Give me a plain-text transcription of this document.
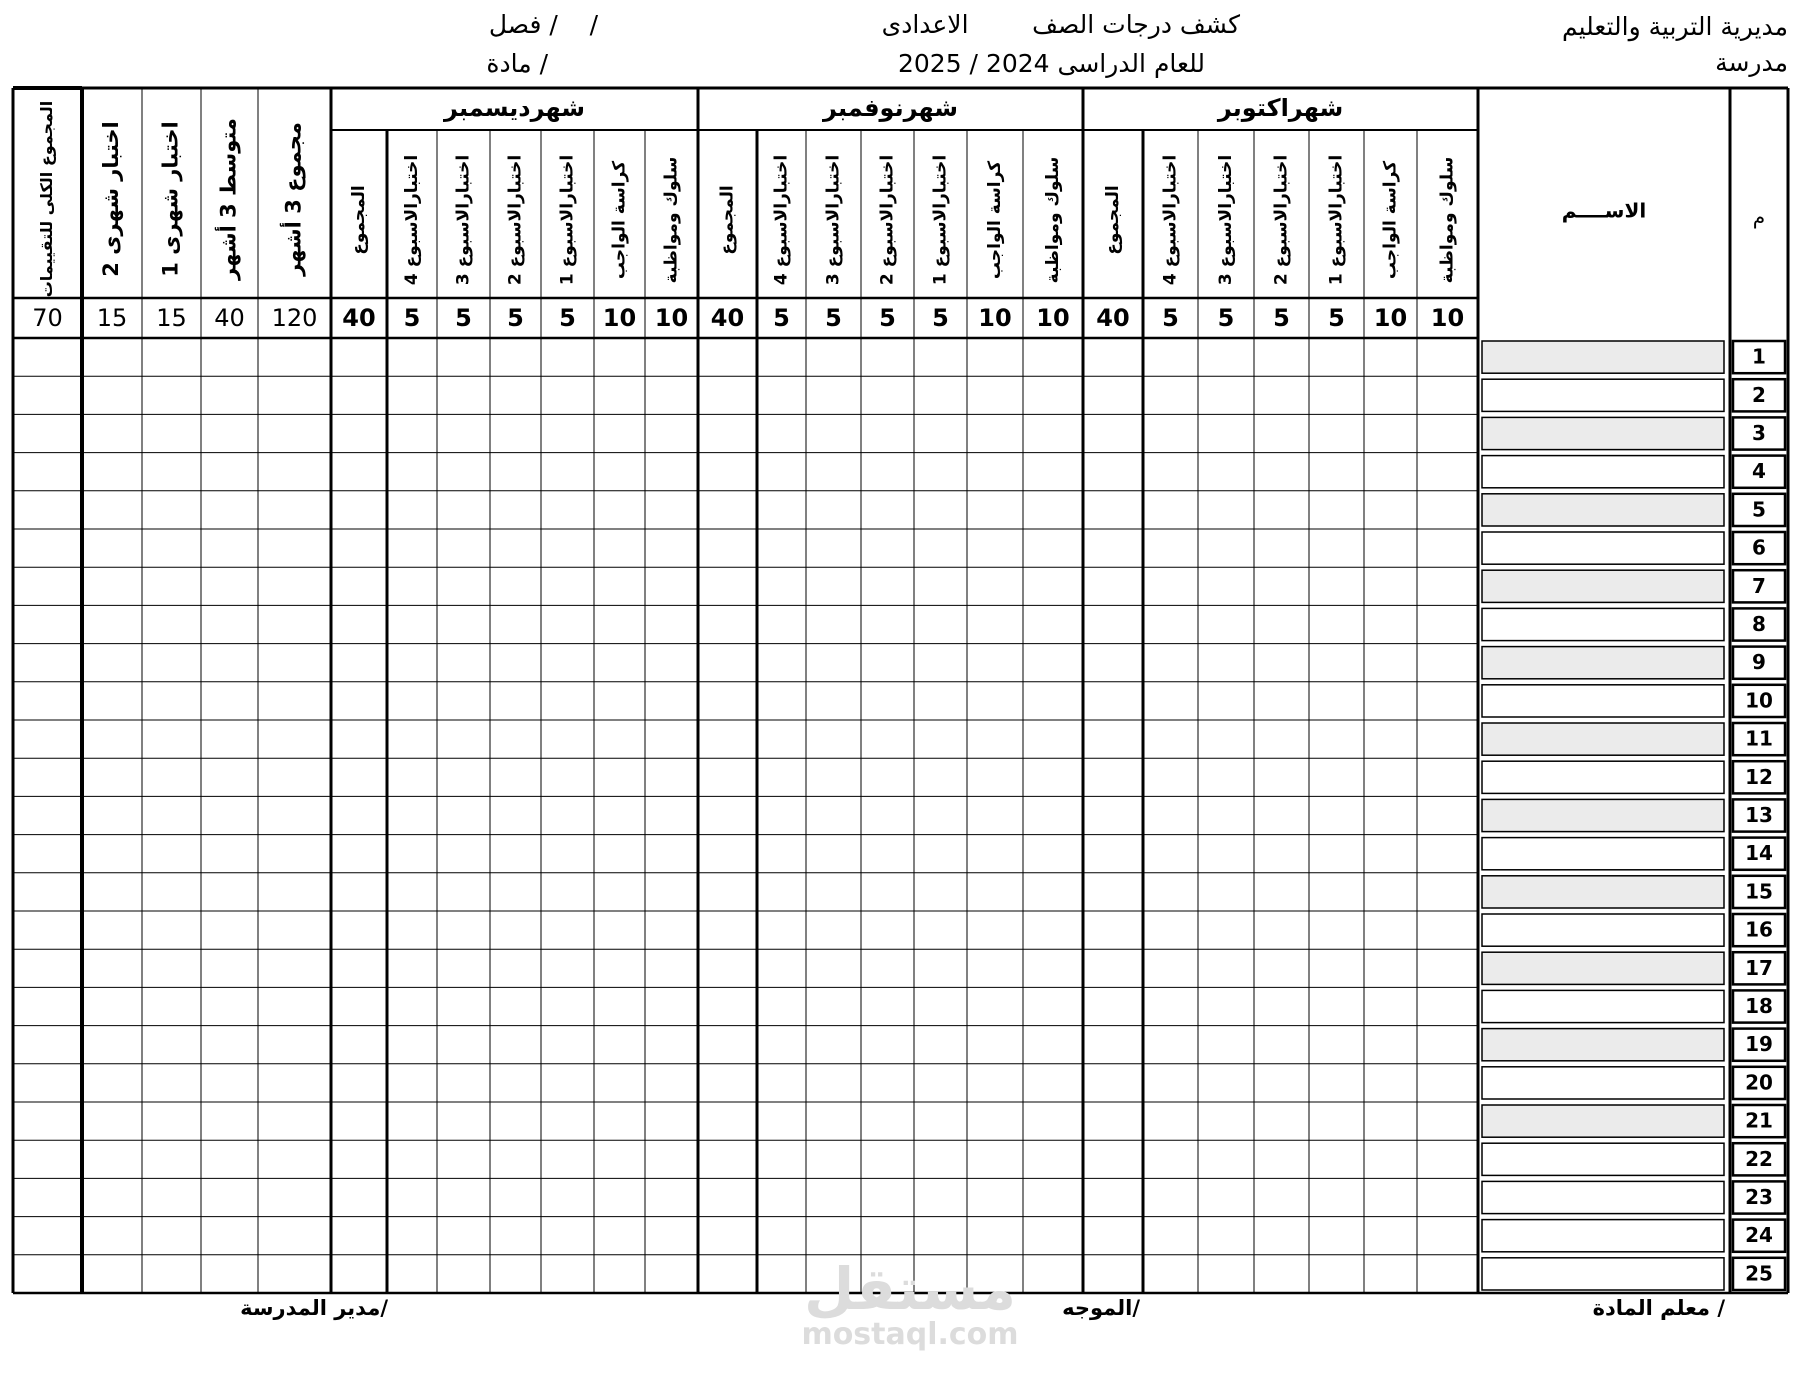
مديرية التربية والتعليم
مدرسة
كشف درجات الصف        الاعدادى
للعام الدراسى 2024 / 2025
فصل /    /
مادة /
شهراكتوبر
شهرنوفمبر
شهرديسمبر
سلوك ومواظبة
10
كراسة الواجب
10
اختبارالاسبوع 1
5
اختبارالاسبوع 2
5
اختبارالاسبوع 3
5
اختبارالاسبوع 4
5
المجموع
40
سلوك ومواظبة
10
كراسة الواجب
10
اختبارالاسبوع 1
5
اختبارالاسبوع 2
5
اختبارالاسبوع 3
5
اختبارالاسبوع 4
5
المجموع
40
سلوك ومواظبة
10
كراسة الواجب
10
اختبارالاسبوع 1
5
اختبارالاسبوع 2
5
اختبارالاسبوع 3
5
اختبارالاسبوع 4
5
المجموع
40
مجموع 3 أشهر
120
متوسط 3 أشهر
40
اختبار شهرى 1
15
اختبار شهرى 2
15
المجموع الكلى للتقييمات
70
م
الاســــم
1
2
3
4
5
6
7
8
9
10
11
12
13
14
15
16
17
18
19
20
21
22
23
24
25
مستقل
mostaql.com
معلم المادة /
الموجه/
مدير المدرسة/
